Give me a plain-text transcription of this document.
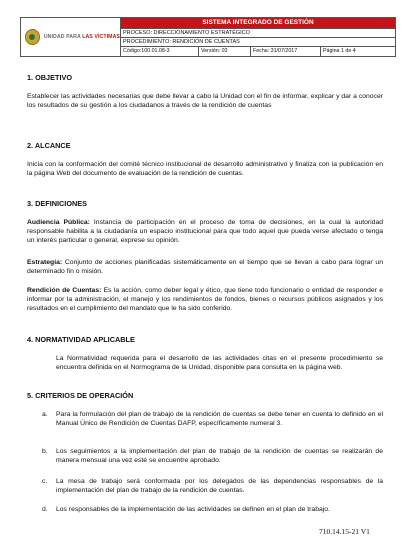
UNIDAD PARA LAS VÍCTIMAS
SISTEMA INTEGRADO DE GESTIÓN
PROCESO: DIRECCIONAMIENTO ESTRATÉGICO
PROCEDIMIENTO: RENDICIÓN DE CUENTAS
Código:100.01.08-3	Versión: 03	Fecha: 31/07/2017	Página 1 de 4
1. OBJETIVO
Establecer las actividades necesarias que debe llevar a cabo la Unidad con el fin de informar, explicar y dar a conocer los resultados de su gestión a los ciudadanos a través de la rendición de cuentas
2. ALCANCE
Inicia con la conformación del comité técnico institucional de desarrollo administrativo y finaliza con la publicación en la página Web del documento de evaluación de la rendición de cuentas.
3. DEFINICIONES
Audiencia Pública: Instancia de participación en el proceso de toma de decisiones, en la cual la autoridad responsable habilita a la ciudadanía un espacio institucional para que todo aquel que pueda verse afectado o tenga un interés particular o general, exprese su opinión.
Estrategia: Conjunto de acciones planificadas sistemáticamente en el tiempo que se llevan a cabo para lograr un determinado fin o misión.
Rendición de Cuentas: Es la acción, como deber legal y ético, que tiene todo funcionario o entidad de responder e informar por la administración, el manejo y los rendimientos de fondos, bienes o recursos públicos asignados y los resultados en el cumplimiento del mandato que le ha sido conferido.
4. NORMATIVIDAD APLICABLE
La Normatividad requerida para el desarrollo de las actividades citas en el presente procedimiento se encuentra definida en el Normograma de la Unidad, disponible para consulta en la página web.
5. CRITERIOS DE OPERACIÓN
a. Para la formulación del plan de trabajo de la rendición de cuentas se debe tener en cuenta lo definido en el Manual Único de Rendición de Cuentas DAFP, específicamente numeral 3.
b. Los seguimientos a la implementación del plan de trabajo de la rendición de cuentas se realizarán de manera mensual una vez esté se encuentre aprobado.
c. La mesa de trabajo será conformada por los delegados de las dependencias responsables de la implementación del plan de trabajo de la rendición de cuentas.
d. Los responsables de la implementación de las actividades se definen en el plan de trabajo.
710.14.15-21 V1
